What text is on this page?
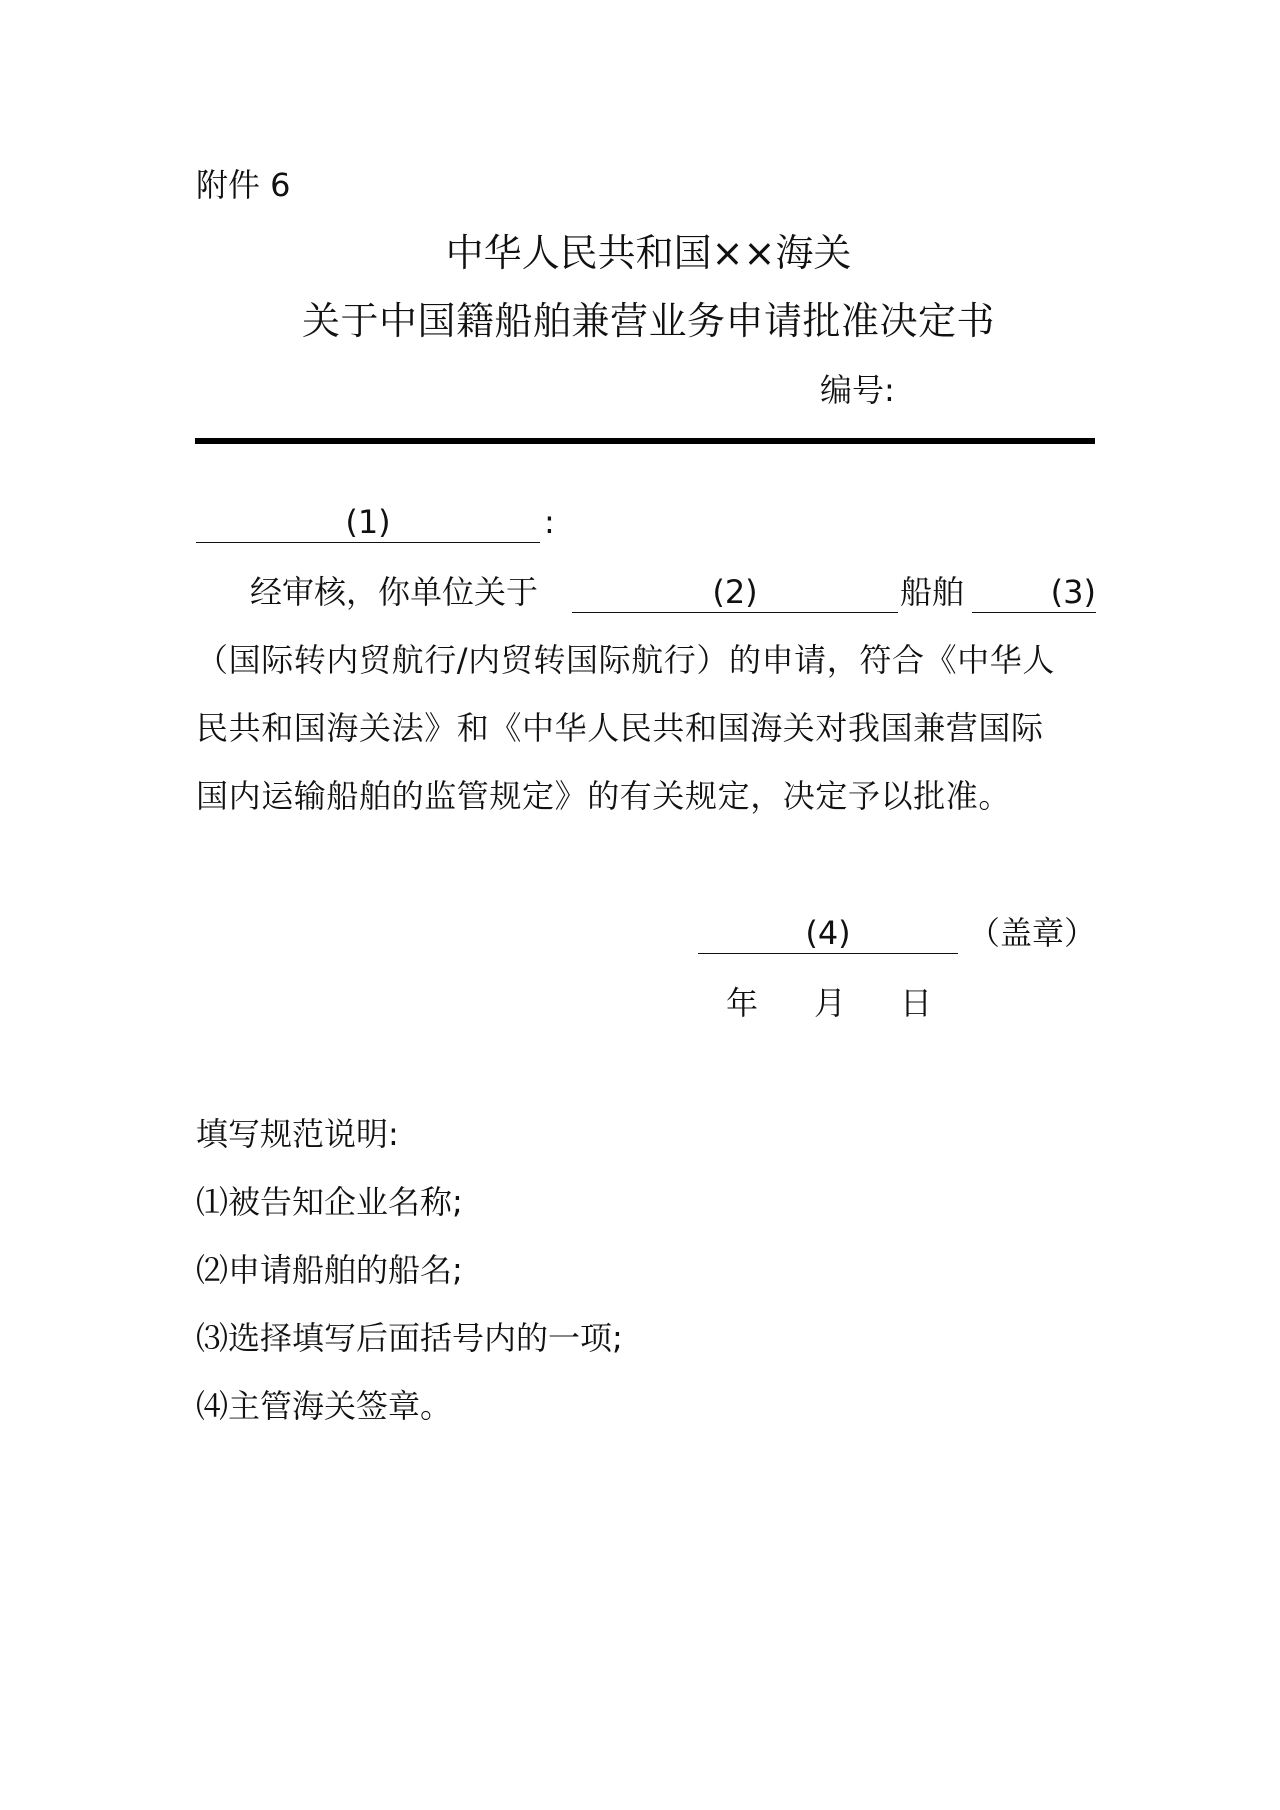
附件 6
中华人民共和国××海关
关于中国籍船舶兼营业务申请批准决定书
编号:
(1)	:
经审核，你单位关于	(2)	船舶	(3)
（国际转内贸航行/内贸转国际航行）的申请，符合《中华人
民共和国海关法》和《中华人民共和国海关对我国兼营国际
国内运输船舶的监管规定》的有关规定，决定予以批准。
(4)	（盖章）
年 月 日
填写规范说明:
⑴被告知企业名称;
⑵申请船舶的船名;
⑶选择填写后面括号内的一项;
⑷主管海关签章。
